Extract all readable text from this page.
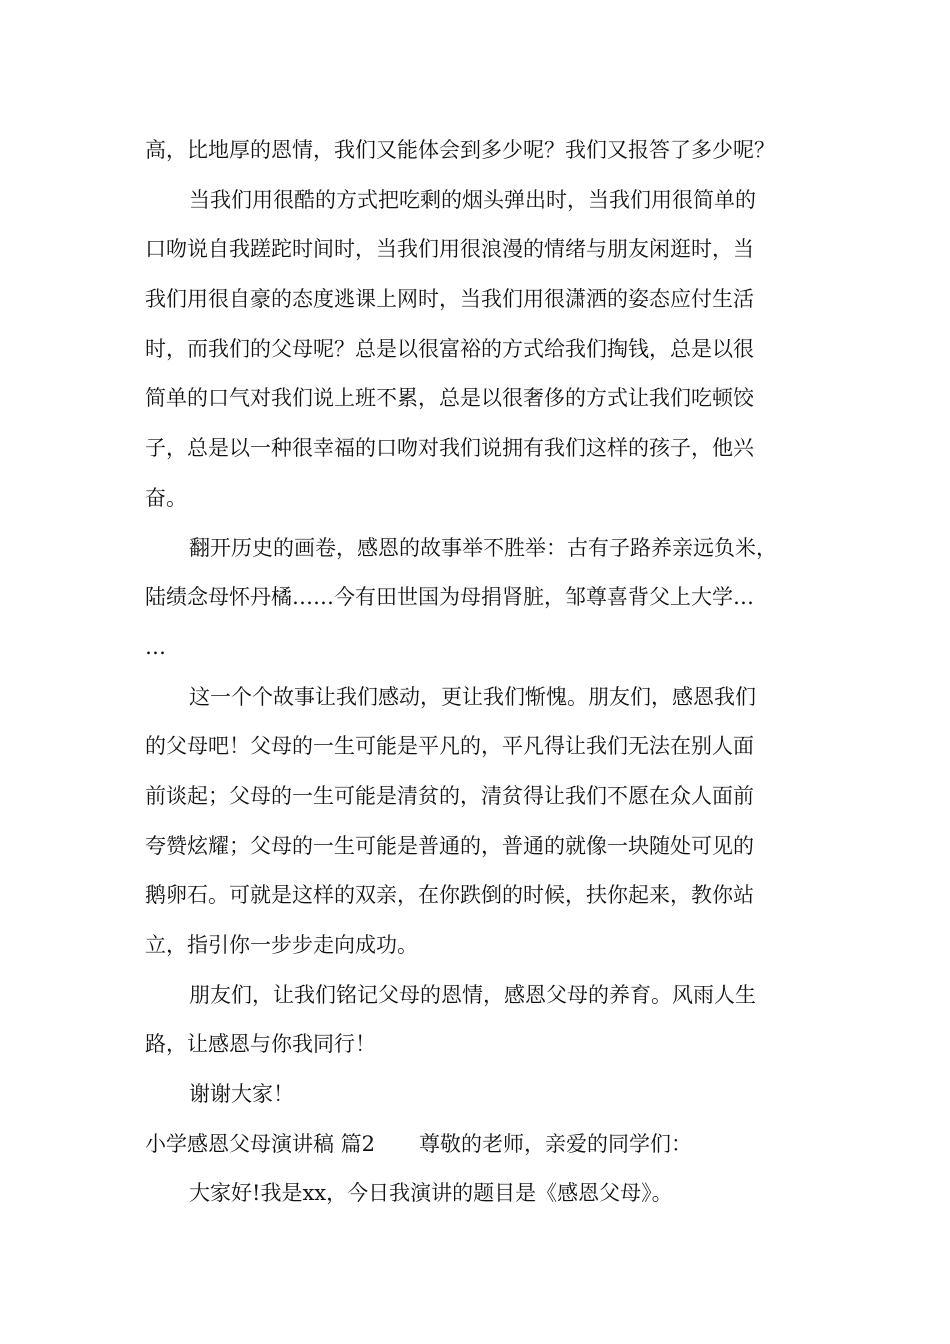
高，比地厚的恩情，我们又能体会到多少呢？我们又报答了多少呢？
当我们用很酷的方式把吃剩的烟头弹出时，当我们用很简单的
口吻说自我蹉跎时间时，当我们用很浪漫的情绪与朋友闲逛时，当
我们用很自豪的态度逃课上网时，当我们用很潇洒的姿态应付生活
时，而我们的父母呢？总是以很富裕的方式给我们掏钱，总是以很
简单的口气对我们说上班不累，总是以很奢侈的方式让我们吃顿饺
子，总是以一种很幸福的口吻对我们说拥有我们这样的孩子，他兴
奋。
翻开历史的画卷，感恩的故事举不胜举：古有子路养亲远负米，
陆绩念母怀丹橘……今有田世国为母捐肾脏，邹尊喜背父上大学…
…
这一个个故事让我们感动，更让我们惭愧。朋友们，感恩我们
的父母吧！父母的一生可能是平凡的，平凡得让我们无法在别人面
前谈起；父母的一生可能是清贫的，清贫得让我们不愿在众人面前
夸赞炫耀；父母的一生可能是普通的，普通的就像一块随处可见的
鹅卵石。可就是这样的双亲，在你跌倒的时候，扶你起来，教你站
立，指引你一步步走向成功。
朋友们，让我们铭记父母的恩情，感恩父母的养育。风雨人生
路，让感恩与你我同行！
谢谢大家！
小学感恩父母演讲稿 篇2 尊敬的老师，亲爱的同学们：
大家好!我是xx，今日我演讲的题目是《感恩父母》。
